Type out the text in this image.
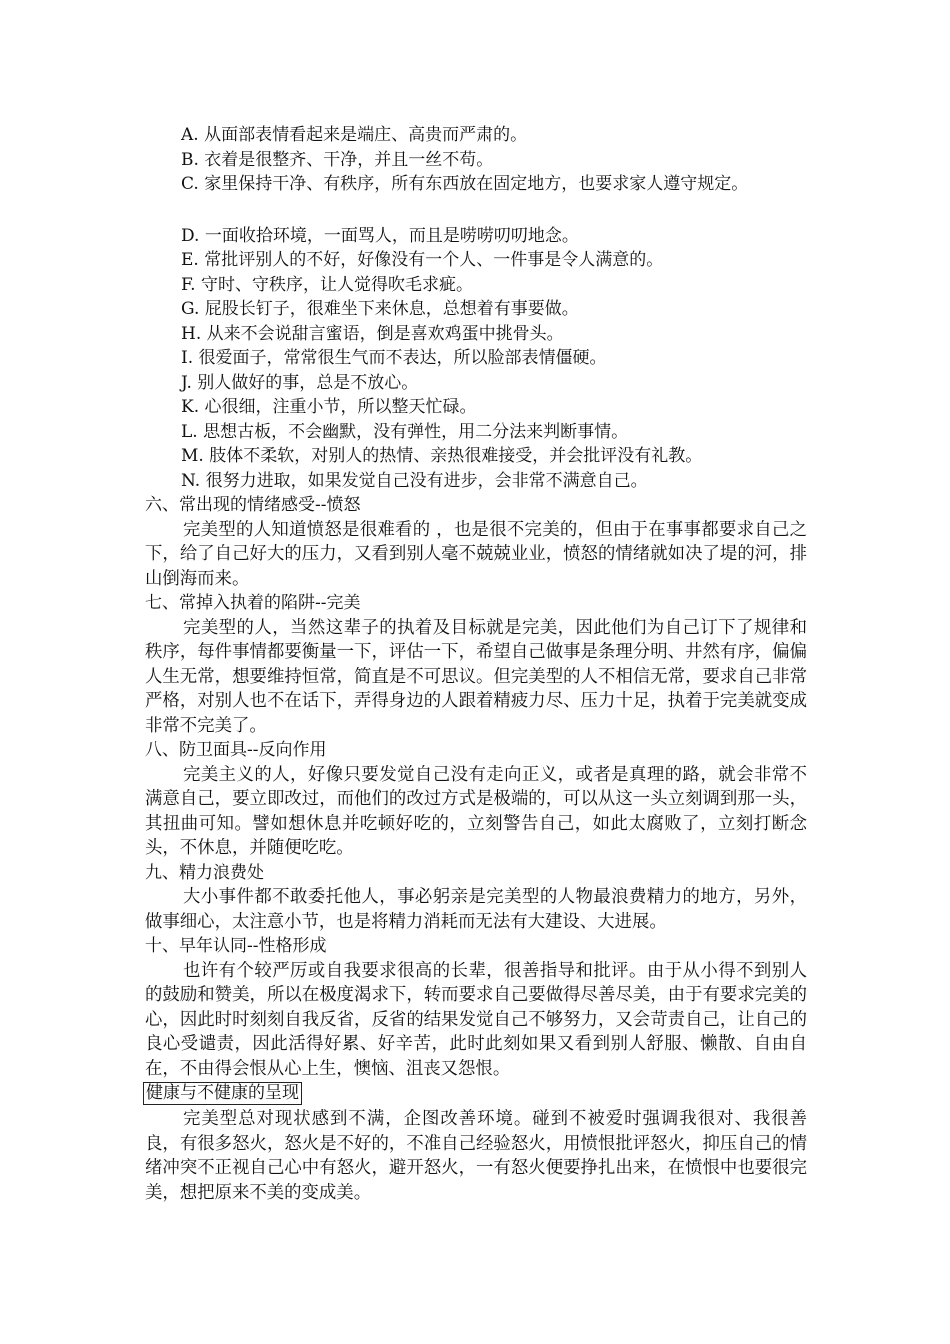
A. 从面部表情看起来是端庄、高贵而严肃的。
B. 衣着是很整齐、干净，并且一丝不苟。
C. 家里保持干净、有秩序，所有东西放在固定地方，也要求家人遵守规定。
D. 一面收拾环境，一面骂人，而且是唠唠叨叨地念。
E. 常批评别人的不好，好像没有一个人、一件事是令人满意的。
F. 守时、守秩序，让人觉得吹毛求疵。
G. 屁股长钉子，很难坐下来休息，总想着有事要做。
H. 从来不会说甜言蜜语，倒是喜欢鸡蛋中挑骨头。
I. 很爱面子，常常很生气而不表达，所以脸部表情僵硬。
J. 别人做好的事，总是不放心。
K. 心很细，注重小节，所以整天忙碌。
L. 思想古板，不会幽默，没有弹性，用二分法来判断事情。
M. 肢体不柔软，对别人的热情、亲热很难接受，并会批评没有礼教。
N. 很努力进取，如果发觉自己没有进步，会非常不满意自己。

六、常出现的情绪感受--愤怒

完美型的人知道愤怒是很难看的 ，也是很不完美的，但由于在事事都要求自己之下，给了自己好大的压力，又看到别人毫不兢兢业业，愤怒的情绪就如决了堤的河，排山倒海而来。

七、常掉入执着的陷阱--完美

完美型的人，当然这辈子的执着及目标就是完美，因此他们为自己订下了规律和秩序，每件事情都要衡量一下，评估一下，希望自己做事是条理分明、井然有序，偏偏人生无常，想要维持恒常，简直是不可思议。但完美型的人不相信无常，要求自己非常严格，对别人也不在话下，弄得身边的人跟着精疲力尽、压力十足，执着于完美就变成非常不完美了。

八、防卫面具--反向作用

完美主义的人，好像只要发觉自己没有走向正义，或者是真理的路，就会非常不满意自己，要立即改过，而他们的改过方式是极端的，可以从这一头立刻调到那一头，其扭曲可知。譬如想休息并吃顿好吃的，立刻警告自己，如此太腐败了，立刻打断念头，不休息，并随便吃吃。

九、精力浪费处

大小事件都不敢委托他人，事必躬亲是完美型的人物最浪费精力的地方，另外，做事细心，太注意小节，也是将精力消耗而无法有大建设、大进展。

十、早年认同--性格形成

也许有个较严厉或自我要求很高的长辈，很善指导和批评。由于从小得不到别人的鼓励和赞美，所以在极度渴求下，转而要求自己要做得尽善尽美，由于有要求完美的心，因此时时刻刻自我反省，反省的结果发觉自己不够努力，又会苛责自己，让自己的良心受谴责，因此活得好累、好辛苦，此时此刻如果又看到别人舒服、懒散、自由自在，不由得会恨从心上生，懊恼、沮丧又怨恨。

健康与不健康的呈现

完美型总对现状感到不满，企图改善环境。碰到不被爱时强调我很对、我很善良，有很多怒火，怒火是不好的，不准自己经验怒火，用愤恨批评怒火，抑压自己的情绪冲突不正视自己心中有怒火，避开怒火，一有怒火便要挣扎出来，在愤恨中也要很完美，想把原来不美的变成美。
